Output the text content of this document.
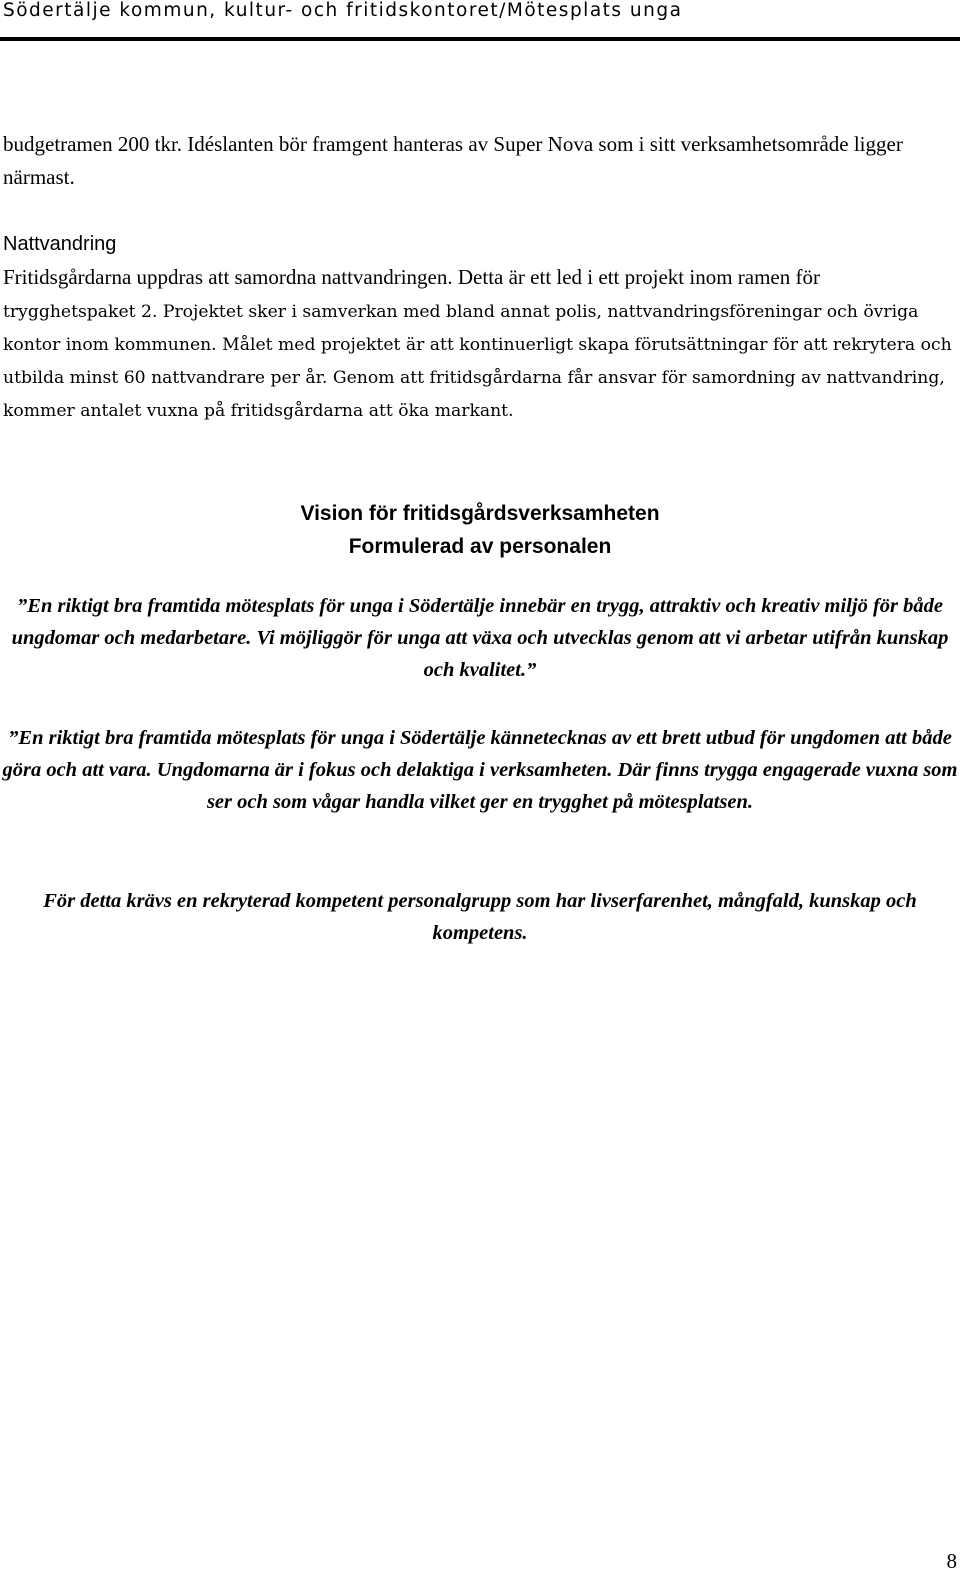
Södertälje kommun, kultur- och fritidskontoret/Mötesplats unga

budgetramen 200 tkr. Idéslanten bör framgent hanteras av Super Nova som i sitt verksamhetsområde ligger närmast.

Nattvandring

Fritidsgårdarna uppdras att samordna nattvandringen. Detta är ett led i ett projekt inom ramen för trygghetspaket 2. Projektet sker i samverkan med bland annat polis, nattvandringsföreningar och övriga kontor inom kommunen. Målet med projektet är att kontinuerligt skapa förutsättningar för att rekrytera och utbilda minst 60 nattvandrare per år. Genom att fritidsgårdarna får ansvar för samordning av nattvandring, kommer antalet vuxna på fritidsgårdarna att öka markant.

Vision för fritidsgårdsverksamheten
Formulerad av personalen

”En riktigt bra framtida mötesplats för unga i Södertälje innebär en trygg, attraktiv och kreativ miljö för både ungdomar och medarbetare. Vi möjliggör för unga att växa och utvecklas genom att vi arbetar utifrån kunskap och kvalitet.”

”En riktigt bra framtida mötesplats för unga i Södertälje kännetecknas av ett brett utbud för ungdomen att både göra och att vara. Ungdomarna är i fokus och delaktiga i verksamheten. Där finns trygga engagerade vuxna som ser och som vågar handla vilket ger en trygghet på mötesplatsen.

För detta krävs en rekryterad kompetent personalgrupp som har livserfarenhet, mångfald, kunskap och kompetens.

8
